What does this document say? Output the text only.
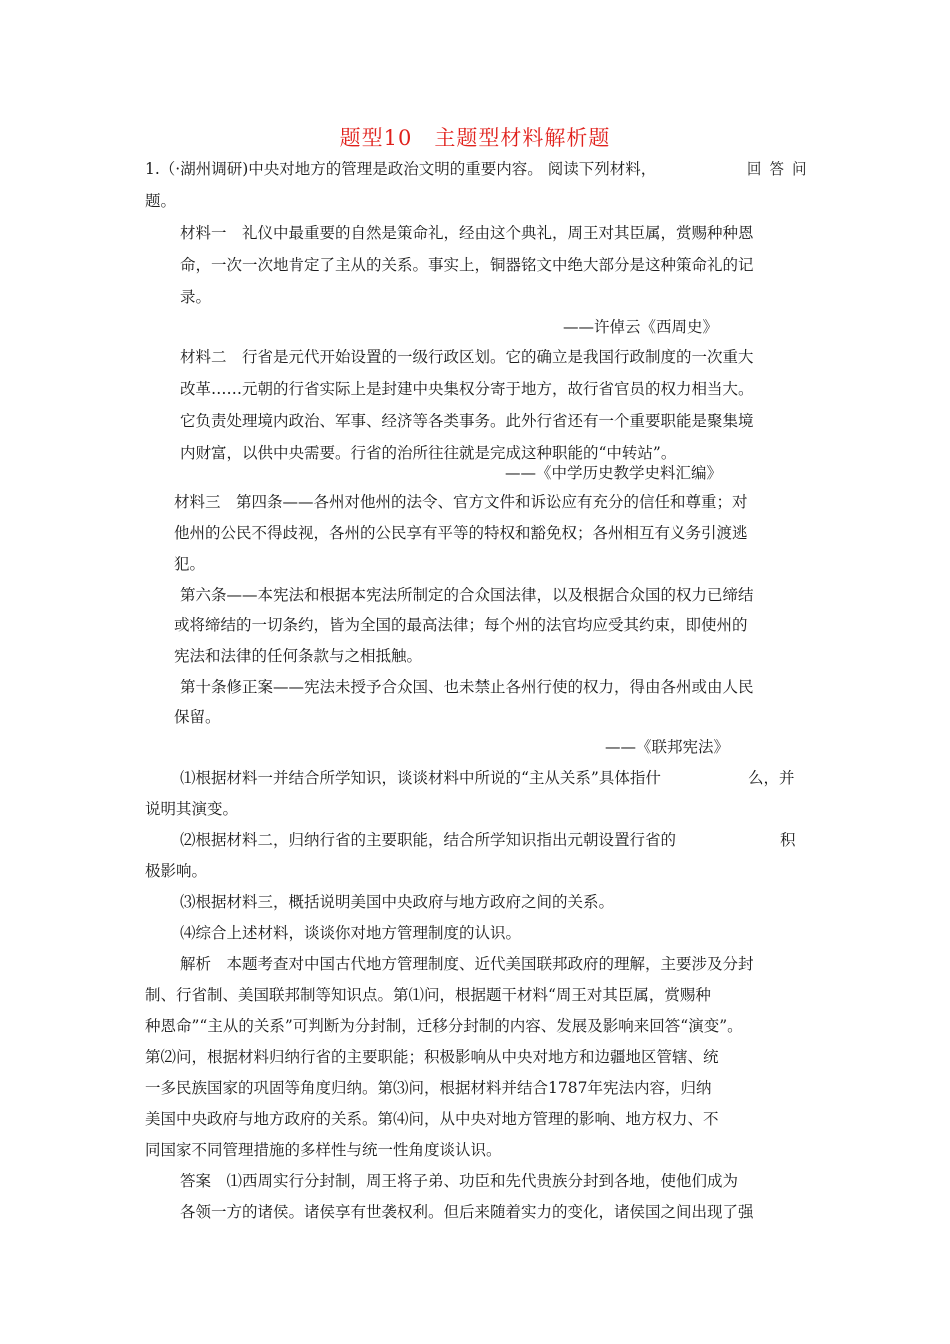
题型10　主题型材料解析题
1.（·湖州调研)中央对地方的管理是政治文明的重要内容。 阅读下列材料，	回 答 问
题。
材料一　礼仪中最重要的自然是策命礼，经由这个典礼，周王对其臣属，赏赐种种恩
命，一次一次地肯定了主从的关系。事实上，铜器铭文中绝大部分是这种策命礼的记
录。
——许倬云《西周史》
材料二　行省是元代开始设置的一级行政区划。它的确立是我国行政制度的一次重大
改革……元朝的行省实际上是封建中央集权分寄于地方，故行省官员的权力相当大。
它负责处理境内政治、军事、经济等各类事务。此外行省还有一个重要职能是聚集境
内财富，以供中央需要。行省的治所往往就是完成这种职能的“中转站”。
——《中学历史教学史料汇编》
材料三　第四条——各州对他州的法令、官方文件和诉讼应有充分的信任和尊重；对
他州的公民不得歧视，各州的公民享有平等的特权和豁免权；各州相互有义务引渡逃
犯。
第六条——本宪法和根据本宪法所制定的合众国法律，以及根据合众国的权力已缔结
或将缔结的一切条约，皆为全国的最高法律；每个州的法官均应受其约束，即使州的
宪法和法律的任何条款与之相抵触。
第十条修正案——宪法未授予合众国、也未禁止各州行使的权力，得由各州或由人民
保留。
——《联邦宪法》
⑴根据材料一并结合所学知识，谈谈材料中所说的“主从关系”具体指什	么，并
说明其演变。
⑵根据材料二，归纳行省的主要职能，结合所学知识指出元朝设置行省的	积
极影响。
⑶根据材料三，概括说明美国中央政府与地方政府之间的关系。
⑷综合上述材料，谈谈你对地方管理制度的认识。
解析　本题考查对中国古代地方管理制度、近代美国联邦政府的理解，主要涉及分封
制、行省制、美国联邦制等知识点。第⑴问，根据题干材料“周王对其臣属，赏赐种
种恩命”“主从的关系”可判断为分封制，迁移分封制的内容、发展及影响来回答“演变”。
第⑵问，根据材料归纳行省的主要职能；积极影响从中央对地方和边疆地区管辖、统
一多民族国家的巩固等角度归纳。第⑶问，根据材料并结合1787年宪法内容，归纳
美国中央政府与地方政府的关系。第⑷问，从中央对地方管理的影响、地方权力、不
同国家不同管理措施的多样性与统一性角度谈认识。
答案　⑴西周实行分封制，周王将子弟、功臣和先代贵族分封到各地，使他们成为
各领一方的诸侯。诸侯享有世袭权利。但后来随着实力的变化，诸侯国之间出现了强
